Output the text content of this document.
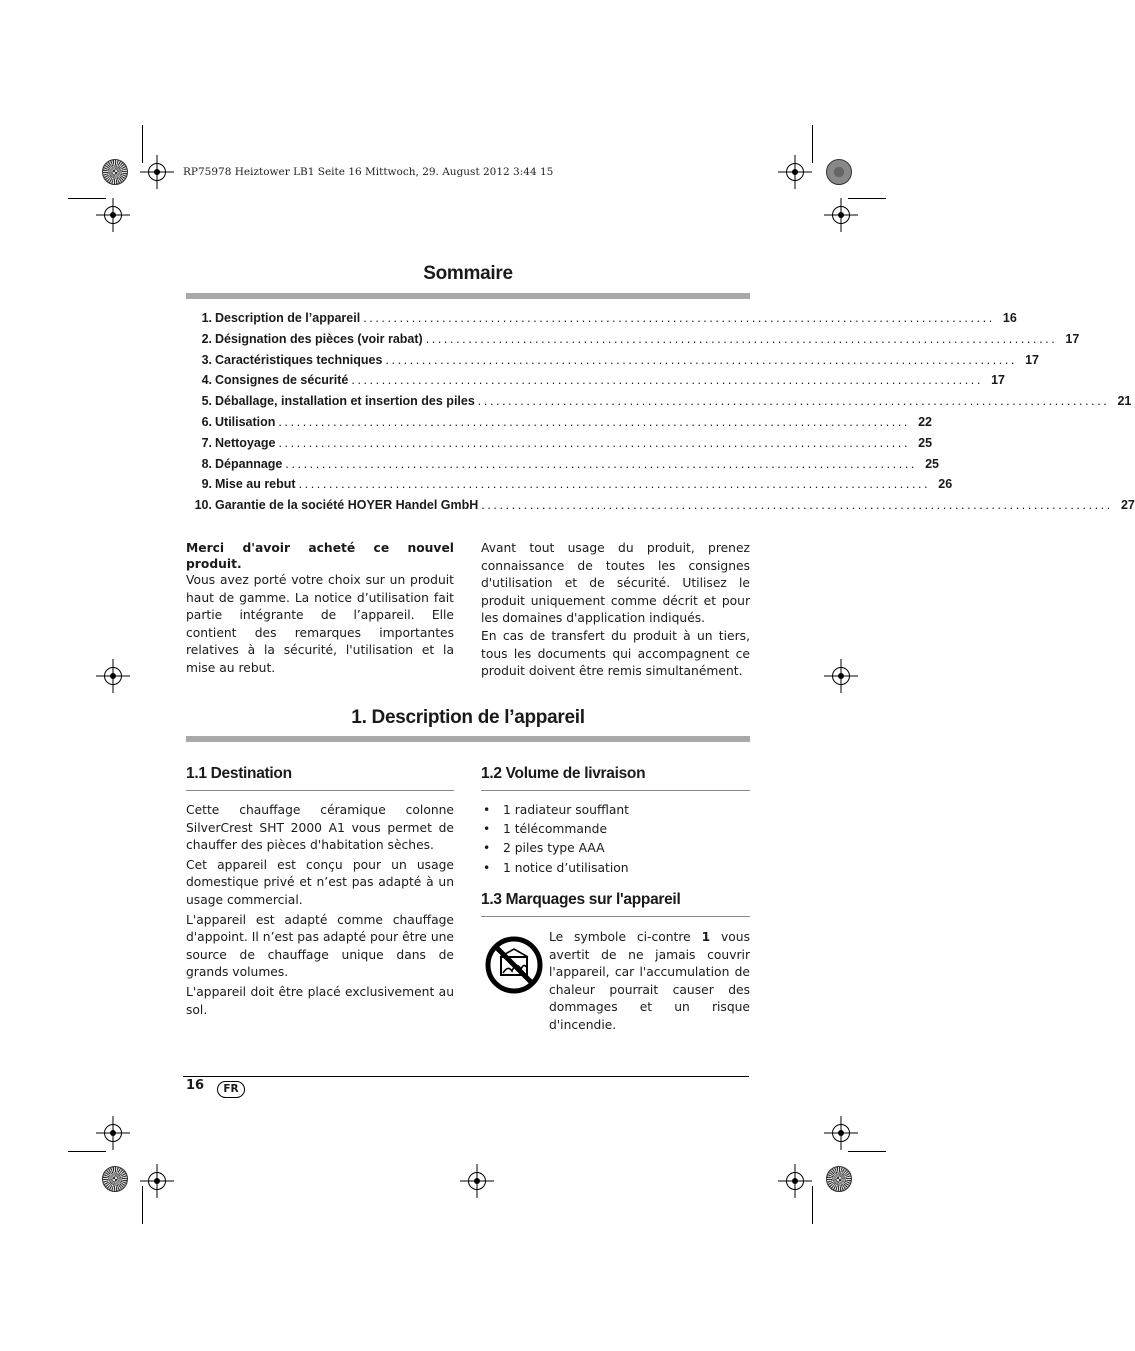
RP75978 Heiztower LB1 Seite 16 Mittwoch, 29. August 2012 3:44 15
Sommaire
1. Description de l’appareil ........................................................................................................ 16
2. Désignation des pièces (voir rabat) ........................................................................................................ 17
3. Caractéristiques techniques ........................................................................................................ 17
4. Consignes de sécurité ........................................................................................................ 17
5. Déballage, installation et insertion des piles ........................................................................................................ 21
6. Utilisation ........................................................................................................ 22
7. Nettoyage ........................................................................................................ 25
8. Dépannage ........................................................................................................ 25
9. Mise au rebut ........................................................................................................ 26
10. Garantie de la société HOYER Handel GmbH ........................................................................................................ 27

Merci d'avoir acheté ce nouvel produit.

Vous avez porté votre choix sur un produit haut de gamme. La notice d’utilisation fait partie intégrante de l’appareil. Elle contient des remarques importantes relatives à la sécurité, l'utilisation et la mise au rebut.

Avant tout usage du produit, prenez connaissance de toutes les consignes d'utilisation et de sécurité. Utilisez le produit uniquement comme décrit et pour les domaines d'application indiqués.

En cas de transfert du produit à un tiers, tous les documents qui accompagnent ce produit doivent être remis simultanément.

1. Description de l’appareil
1.1 Destination

Cette chauffage céramique colonne SilverCrest SHT 2000 A1 vous permet de chauffer des pièces d'habitation sèches.

Cet appareil est conçu pour un usage domestique privé et n’est pas adapté à un usage commercial.

L'appareil est adapté comme chauffage d'appoint. Il n’est pas adapté pour être une source de chauffage unique dans de grands volumes.

L'appareil doit être placé exclusivement au sol.

1.2 Volume de livraison
• 1 radiateur soufflant
• 1 télécommande
• 2 piles type AAA
• 1 notice d’utilisation
1.3 Marquages sur l'appareil
Le symbole ci-contre 1 vous avertit de ne jamais couvrir l'appareil, car l'accumulation de chaleur pourrait causer des dommages et un risque d'incendie.
16	FR
